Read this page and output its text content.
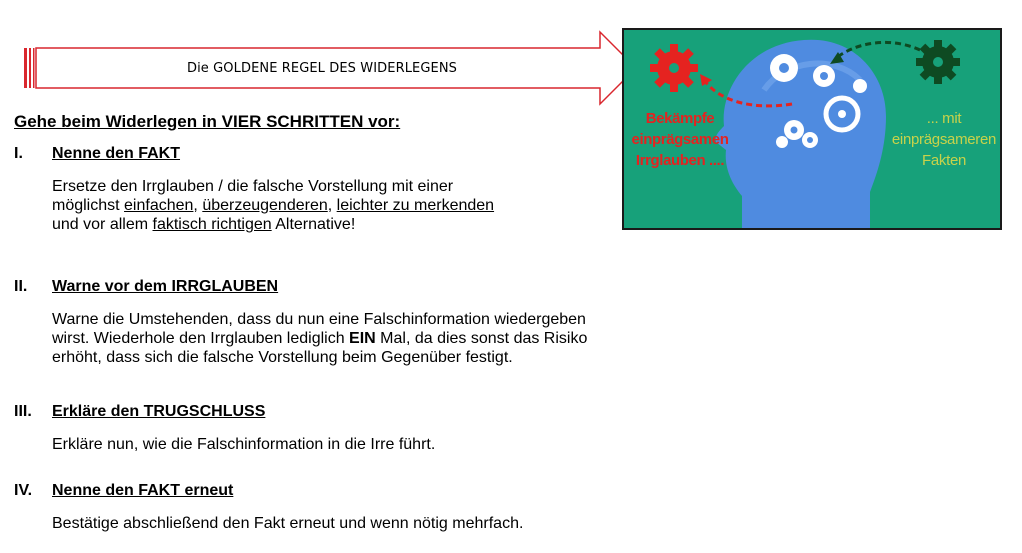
Die GOLDENE REGEL DES WIDERLEGENS
Bekämpfe
einprägsamen
Irrglauben ....
... mit
einprägsameren
Fakten
Gehe beim Widerlegen in VIER SCHRITTEN vor:
I.	Nenne den FAKT
Ersetze den Irrglauben / die falsche Vorstellung mit einer
möglichst einfachen, überzeugenderen, leichter zu merkenden
und vor allem faktisch richtigen Alternative!
II.	Warne vor dem IRRGLAUBEN
Warne die Umstehenden, dass du nun eine Falschinformation wiedergeben
wirst. Wiederhole den Irrglauben lediglich EIN Mal, da dies sonst das Risiko
erhöht, dass sich die falsche Vorstellung beim Gegenüber festigt.
III.	Erkläre den TRUGSCHLUSS
Erkläre nun, wie die Falschinformation in die Irre führt.
IV.	Nenne den FAKT erneut
Bestätige abschließend den Fakt erneut und wenn nötig mehrfach.
